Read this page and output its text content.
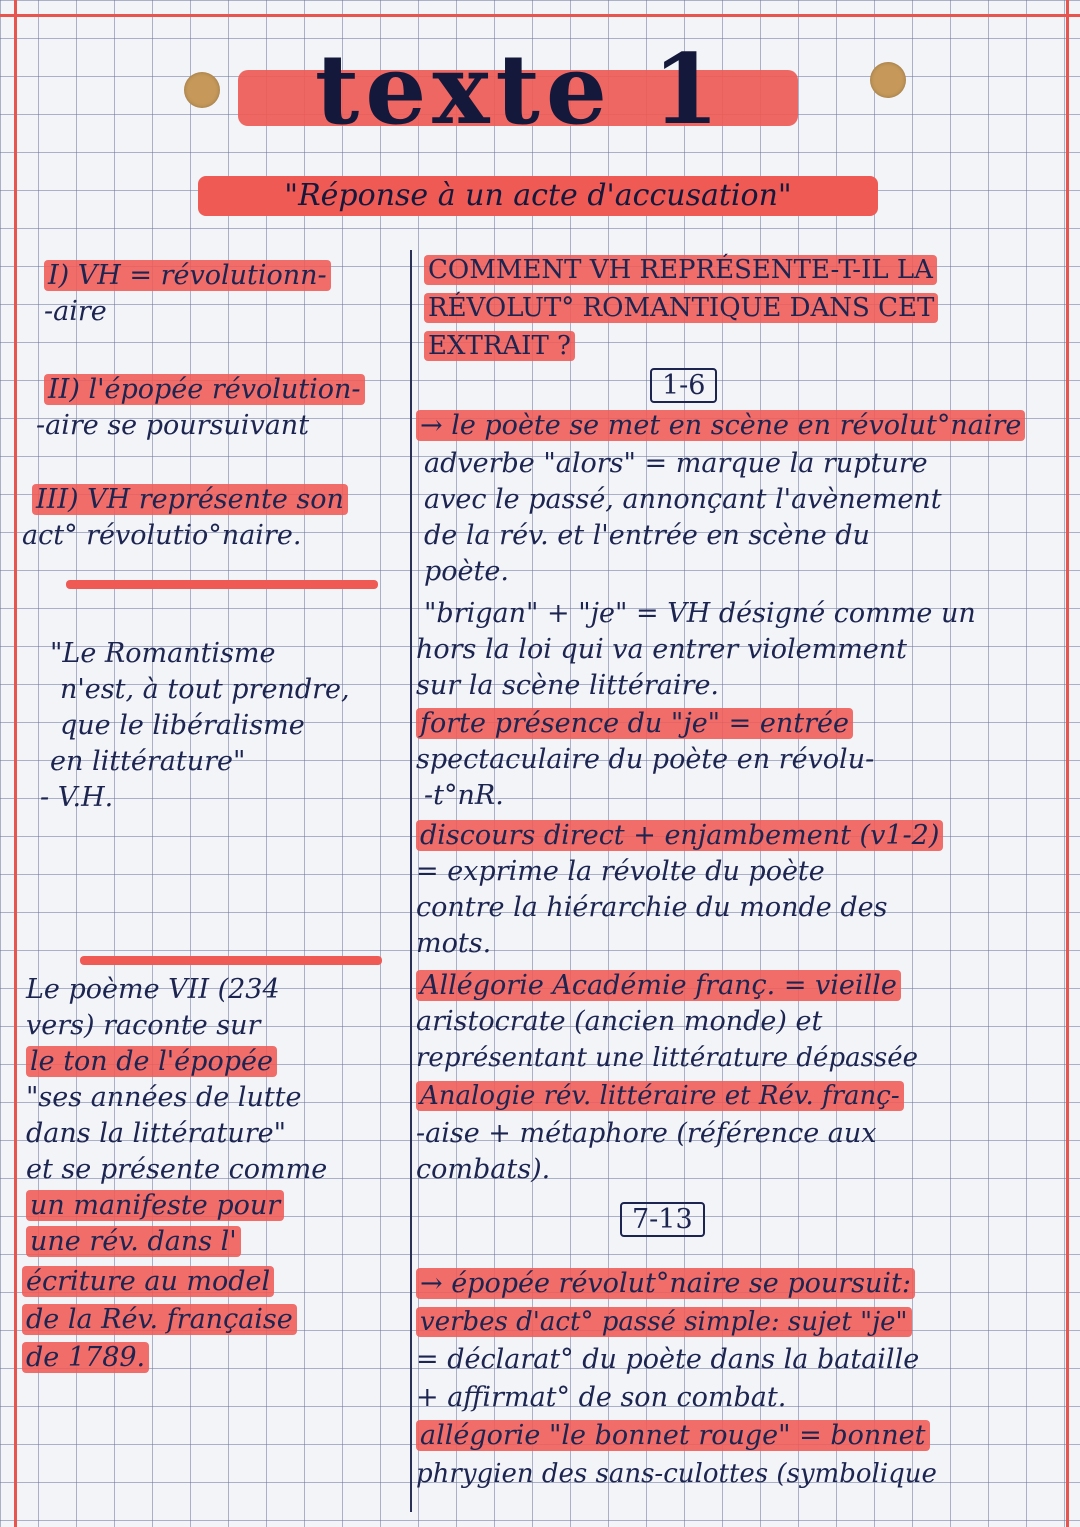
texte 1
"Réponse à un acte d'accusation"
I) VH = révolutionn-
-aire
II) l'épopée révolution-
-aire se poursuivant
III) VH représente son
act° révolutio°naire.
"Le Romantisme
n'est, à tout prendre,
que le libéralisme
en littérature"
- V.H.
Le poème VII (234
vers) raconte sur
le ton de l'épopée
"ses années de lutte
dans la littérature"
et se présente comme
un manifeste pour
une rév. dans l'
écriture au model
de la Rév. française
de 1789.
COMMENT VH REPRÉSENTE-T-IL LA
RÉVOLUT° ROMANTIQUE DANS CET
EXTRAIT ?
1-6
→ le poète se met en scène en révolut°naire
adverbe "alors" = marque la rupture
avec le passé, annonçant l'avènement
de la rév. et l'entrée en scène du
poète.
"brigan" + "je" = VH désigné comme un
hors la loi qui va entrer violemment
sur la scène littéraire.
forte présence du "je" = entrée
spectaculaire du poète en révolu-
-t°nR.
discours direct + enjambement (v1-2)
= exprime la révolte du poète
contre la hiérarchie du monde des
mots.
Allégorie Académie franç. = vieille
aristocrate (ancien monde) et
représentant une littérature dépassée
Analogie rév. littéraire et Rév. franç-
-aise + métaphore (référence aux
combats).
7-13
→ épopée révolut°naire se poursuit:
verbes d'act° passé simple: sujet "je"
= déclarat° du poète dans la bataille
+ affirmat° de son combat.
allégorie "le bonnet rouge" = bonnet
phrygien des sans-culottes (symbolique
